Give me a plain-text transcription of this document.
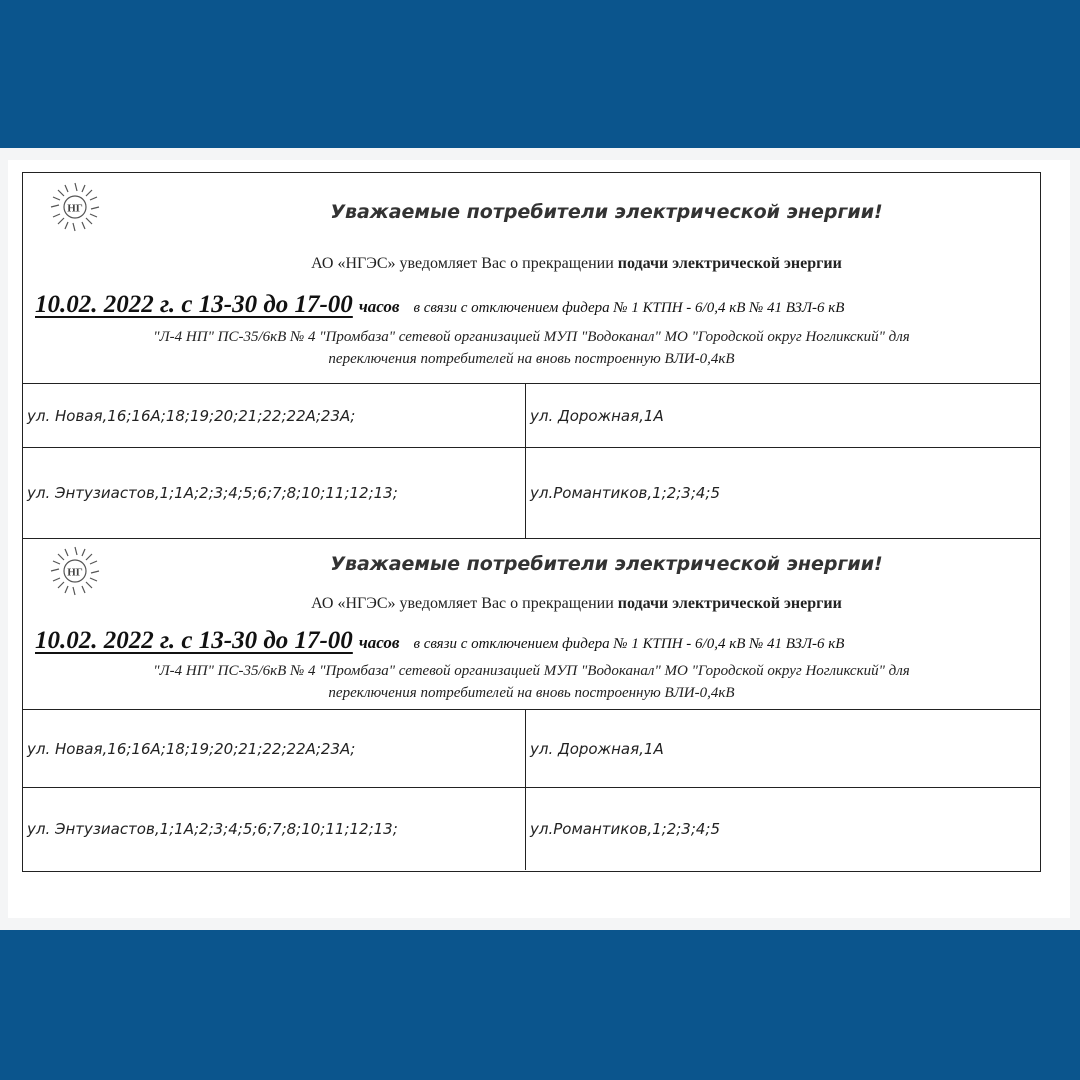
НГ	Уважаемые потребители электрической энергии!
АО «НГЭС» уведомляет Вас о прекращении подачи электрической энергии
10.02. 2022 г. с 13-30 до 17-00 часов в связи с отключением фидера № 1 КТПН - 6/0,4 кВ № 41 ВЗЛ-6 кВ
"Л-4 НП" ПС-35/6кВ № 4 "Промбаза" сетевой организацией МУП "Водоканал" МО "Городской округ Ногликский" для
переключения потребителей на вновь построенную ВЛИ-0,4кВ
ул. Новая,16;16А;18;19;20;21;22;22А;23А;	ул. Дорожная,1А
ул. Энтузиастов,1;1А;2;3;4;5;6;7;8;10;11;12;13;	ул.Романтиков,1;2;3;4;5
НГ	Уважаемые потребители электрической энергии!
АО «НГЭС» уведомляет Вас о прекращении подачи электрической энергии
10.02. 2022 г. с 13-30 до 17-00 часов в связи с отключением фидера № 1 КТПН - 6/0,4 кВ № 41 ВЗЛ-6 кВ
"Л-4 НП" ПС-35/6кВ № 4 "Промбаза" сетевой организацией МУП "Водоканал" МО "Городской округ Ногликский" для
переключения потребителей на вновь построенную ВЛИ-0,4кВ
ул. Новая,16;16А;18;19;20;21;22;22А;23А;	ул. Дорожная,1А
ул. Энтузиастов,1;1А;2;3;4;5;6;7;8;10;11;12;13;	ул.Романтиков,1;2;3;4;5
